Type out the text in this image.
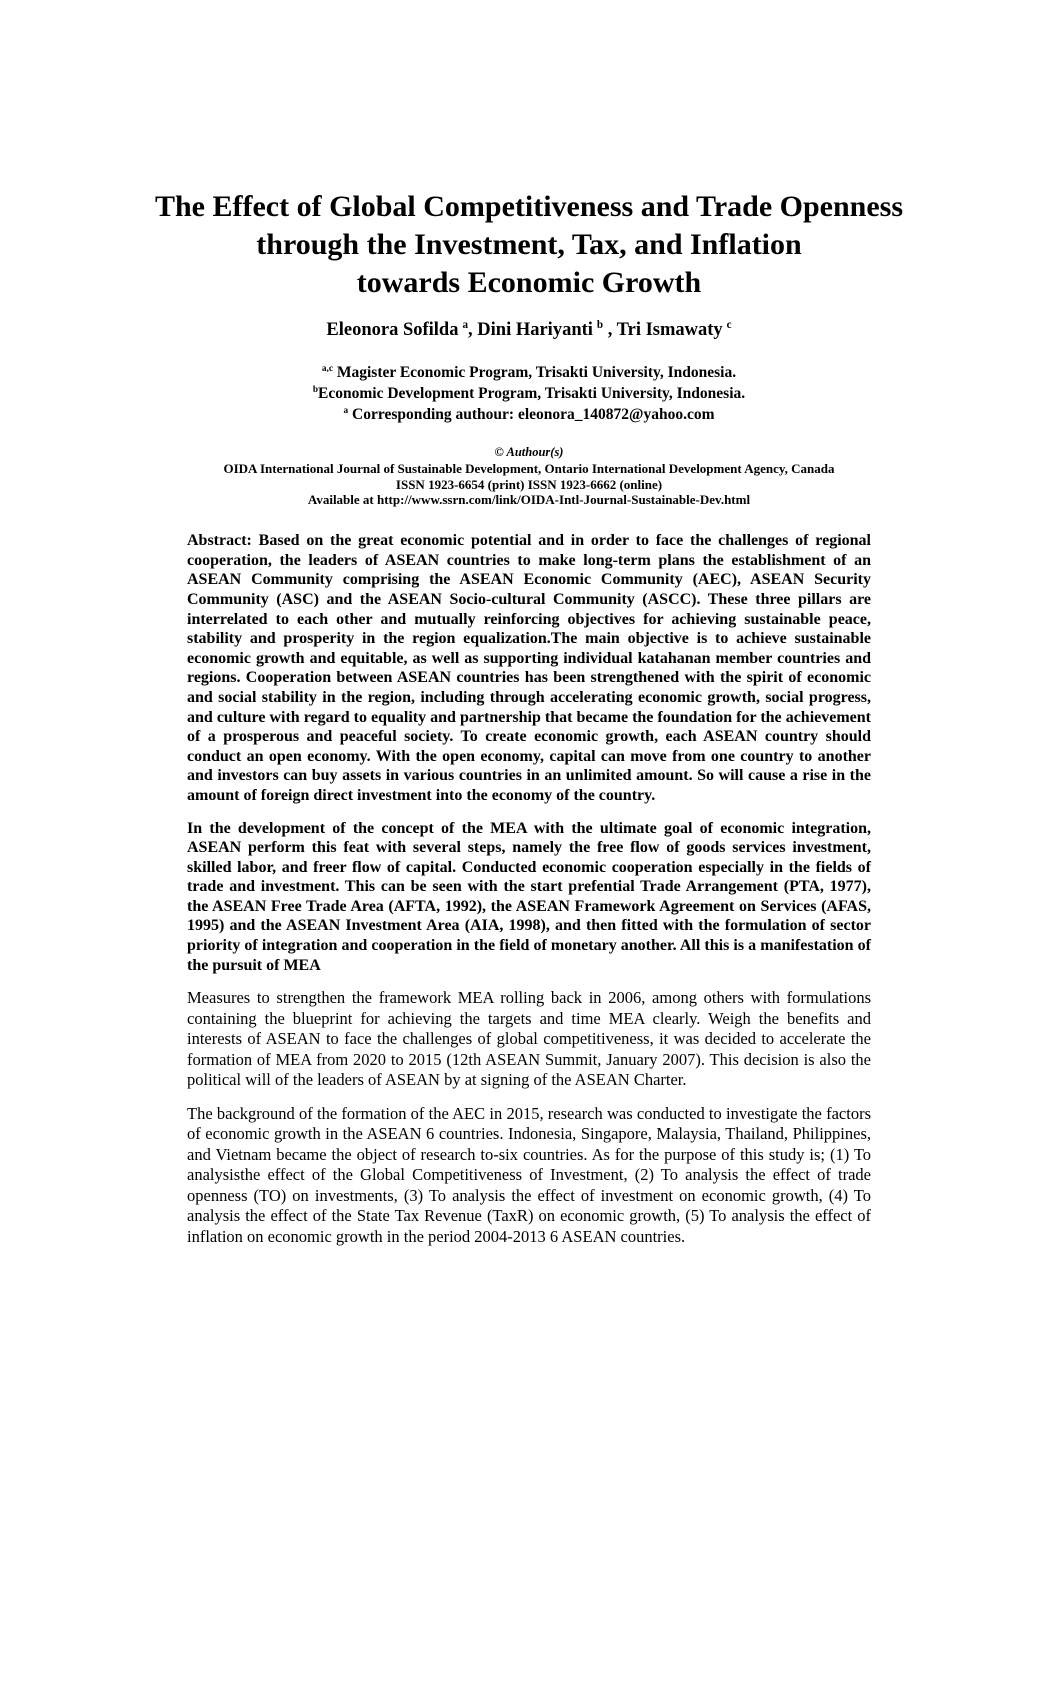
The Effect of Global Competitiveness and Trade Openness
through the Investment, Tax, and Inflation
towards Economic Growth
Eleonora Sofilda $^a$, Dini Hariyanti $^b$ , Tri Ismawaty $^c$
$^{a,c}$ Magister Economic Program, Trisakti University, Indonesia.
$^b$Economic Development Program, Trisakti University, Indonesia.
$^a$ Corresponding authour: eleonora_140872@yahoo.com
© Authour(s)
OIDA International Journal of Sustainable Development, Ontario International Development Agency, Canada
ISSN 1923-6654 (print) ISSN 1923-6662 (online)
Available at http://www.ssrn.com/link/OIDA-Intl-Journal-Sustainable-Dev.html

Abstract: Based on the great economic potential and in order to face the challenges of regional cooperation, the leaders of ASEAN countries to make long-term plans the establishment of an ASEAN Community comprising the ASEAN Economic Community (AEC), ASEAN Security Community (ASC) and the ASEAN Socio-cultural Community (ASCC). These three pillars are interrelated to each other and mutually reinforcing objectives for achieving sustainable peace, stability and prosperity in the region equalization.The main objective is to achieve sustainable economic growth and equitable, as well as supporting individual katahanan member countries and regions. Cooperation between ASEAN countries has been strengthened with the spirit of economic and social stability in the region, including through accelerating economic growth, social progress, and culture with regard to equality and partnership that became the foundation for the achievement of a prosperous and peaceful society. To create economic growth, each ASEAN country should conduct an open economy. With the open economy, capital can move from one country to another and investors can buy assets in various countries in an unlimited amount. So will cause a rise in the amount of foreign direct investment into the economy of the country.

In the development of the concept of the MEA with the ultimate goal of economic integration, ASEAN perform this feat with several steps, namely the free flow of goods services investment, skilled labor, and freer flow of capital. Conducted economic cooperation especially in the fields of trade and investment. This can be seen with the start prefential Trade Arrangement (PTA, 1977), the ASEAN Free Trade Area (AFTA, 1992), the ASEAN Framework Agreement on Services (AFAS, 1995) and the ASEAN Investment Area (AIA, 1998), and then fitted with the formulation of sector priority of integration and cooperation in the field of monetary another. All this is a manifestation of the pursuit of MEA

Measures to strengthen the framework MEA rolling back in 2006, among others with formulations containing the blueprint for achieving the targets and time MEA clearly. Weigh the benefits and interests of ASEAN to face the challenges of global competitiveness, it was decided to accelerate the formation of MEA from 2020 to 2015 (12th ASEAN Summit, January 2007). This decision is also the political will of the leaders of ASEAN by at signing of the ASEAN Charter.

The background of the formation of the AEC in 2015, research was conducted to investigate the factors of economic growth in the ASEAN 6 countries. Indonesia, Singapore, Malaysia, Thailand, Philippines, and Vietnam became the object of research to-six countries. As for the purpose of this study is; (1) To analysisthe effect of the Global Competitiveness of Investment, (2) To analysis the effect of trade openness (TO) on investments, (3) To analysis the effect of investment on economic growth, (4) To analysis the effect of the State Tax Revenue (TaxR) on economic growth, (5) To analysis the effect of inflation on economic growth in the period 2004-2013 6 ASEAN countries.
